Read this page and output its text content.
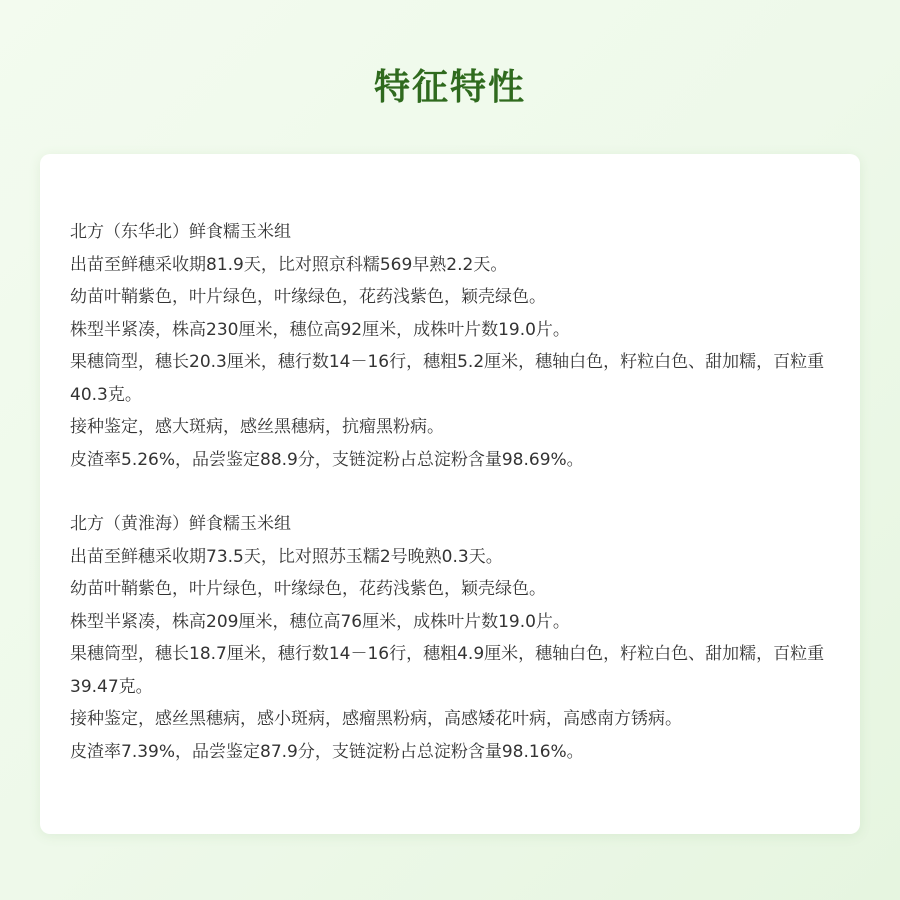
特征特性

北方（东华北）鲜食糯玉米组

出苗至鲜穗采收期81.9天，比对照京科糯569早熟2.2天。

幼苗叶鞘紫色，叶片绿色，叶缘绿色，花药浅紫色，颖壳绿色。

株型半紧凑，株高230厘米，穗位高92厘米，成株叶片数19.0片。

果穗筒型，穗长20.3厘米，穗行数14－16行，穗粗5.2厘米，穗轴白色，籽粒白色、甜加糯，百粒重40.3克。

接种鉴定，感大斑病，感丝黑穗病，抗瘤黑粉病。

皮渣率5.26%，品尝鉴定88.9分，支链淀粉占总淀粉含量98.69%。

北方（黄淮海）鲜食糯玉米组

出苗至鲜穗采收期73.5天，比对照苏玉糯2号晚熟0.3天。

幼苗叶鞘紫色，叶片绿色，叶缘绿色，花药浅紫色，颖壳绿色。

株型半紧凑，株高209厘米，穗位高76厘米，成株叶片数19.0片。

果穗筒型，穗长18.7厘米，穗行数14－16行，穗粗4.9厘米，穗轴白色，籽粒白色、甜加糯，百粒重39.47克。

接种鉴定，感丝黑穗病，感小斑病，感瘤黑粉病，高感矮花叶病，高感南方锈病。

皮渣率7.39%，品尝鉴定87.9分，支链淀粉占总淀粉含量98.16%。
